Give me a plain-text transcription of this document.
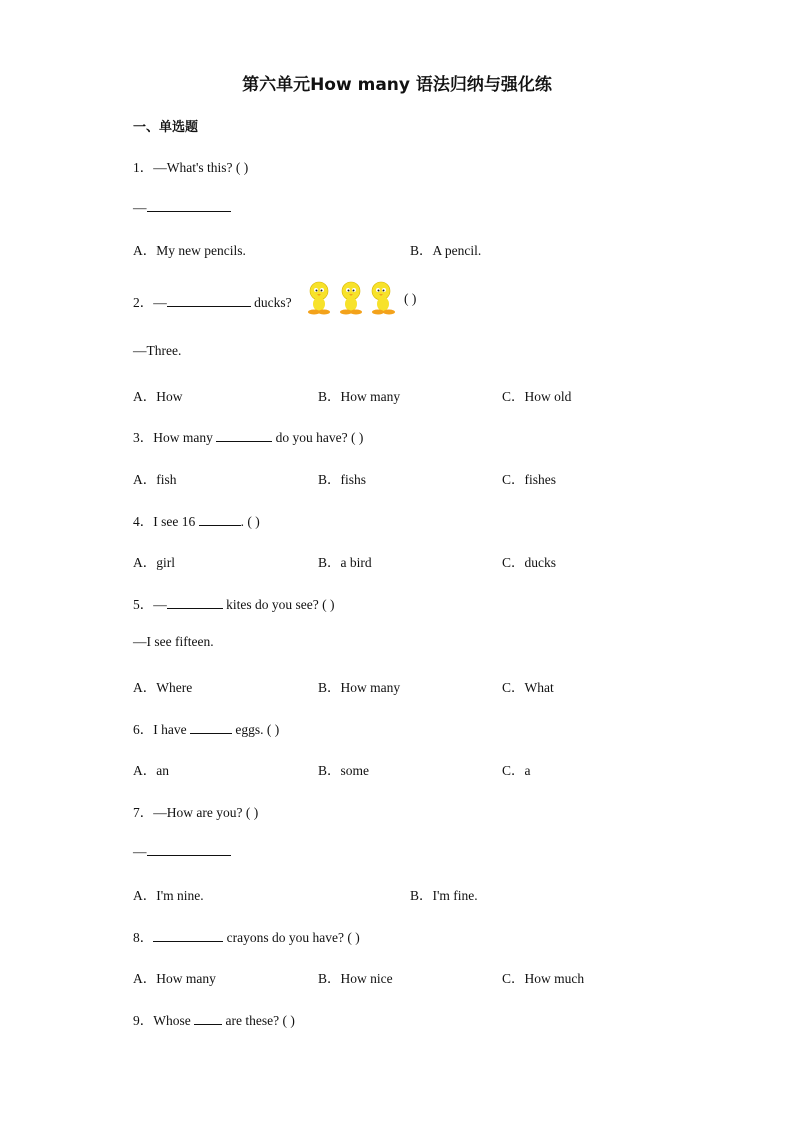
第六单元How many 语法归纳与强化练
一、单选题
1．—What's this? ( )
—
A．My new pencils.	B．A pencil.
2．—	ducks?	( )
—Three.
A．How	B．How many	C．How old
3．How many	do you have? ( )
A．fish	B．fishs	C．fishes
4．I see 16	. ( )
A．girl	B．a bird	C．ducks
5．—	kites do you see? ( )
—I see fifteen.
A．Where	B．How many	C．What
6．I have	eggs. ( )
A．an	B．some	C．a
7．—How are you? ( )
—
A．I'm nine.	B．I'm fine.
8．	crayons do you have? ( )
A．How many	B．How nice	C．How much
9．Whose  are these? ( )
